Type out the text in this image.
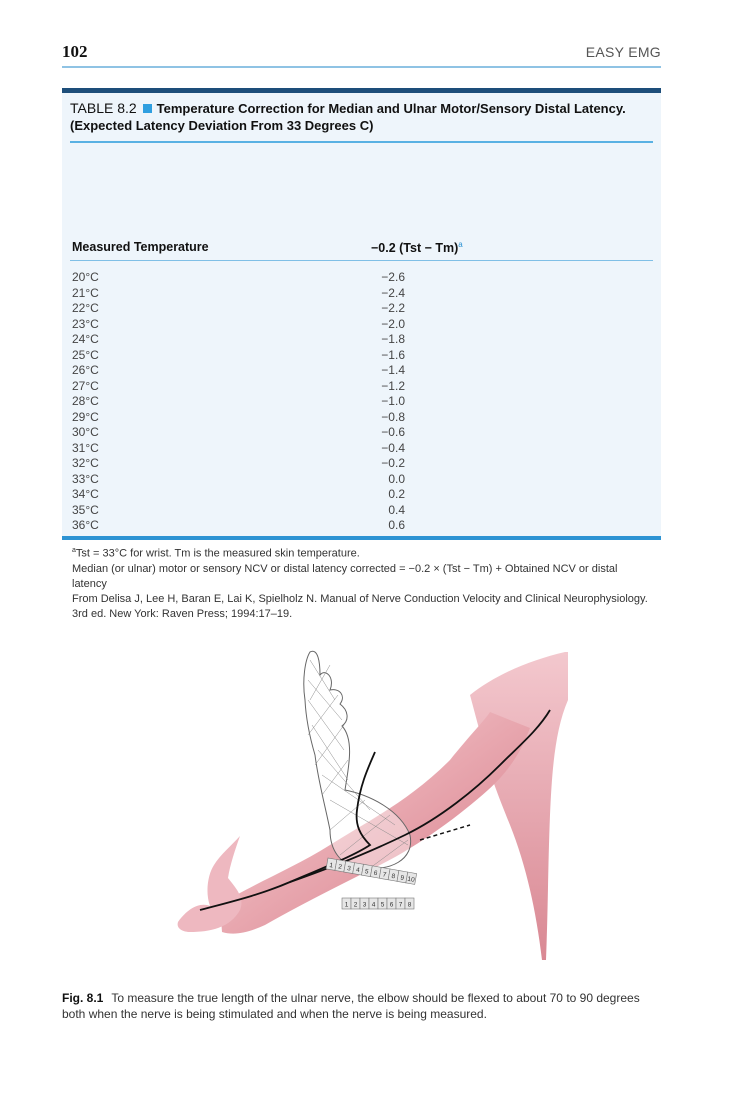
102	EASY EMG
TABLE 8.2 Temperature Correction for Median and Ulnar Motor/Sensory Distal Latency. (Expected Latency Deviation From 33 Degrees C)
Measured Temperature	−0.2 (Tst − Tm)$^a$
20°C	−2.6
21°C	−2.4
22°C	−2.2
23°C	−2.0
24°C	−1.8
25°C	−1.6
26°C	−1.4
27°C	−1.2
28°C	−1.0
29°C	−0.8
30°C	−0.6
31°C	−0.4
32°C	−0.2
33°C	0.0
34°C	0.2
35°C	0.4
36°C	0.6

$^a$Tst = 33°C for wrist. Tm is the measured skin temperature.

Median (or ulnar) motor or sensory NCV or distal latency corrected = −0.2 × (Tst − Tm) + Obtained NCV or distal latency

From Delisa J, Lee H, Baran E, Lai K, Spielholz N. Manual of Nerve Conduction Velocity and Clinical Neurophysiology. 3rd ed. New York: Raven Press; 1994:17–19.

1 2 3 4 5 6 7 8 9 10
1 2 3 4 5 6 7 8
Fig. 8.1 To measure the true length of the ulnar nerve, the elbow should be flexed to about 70 to 90 degrees both when the nerve is being stimulated and when the nerve is being measured.
